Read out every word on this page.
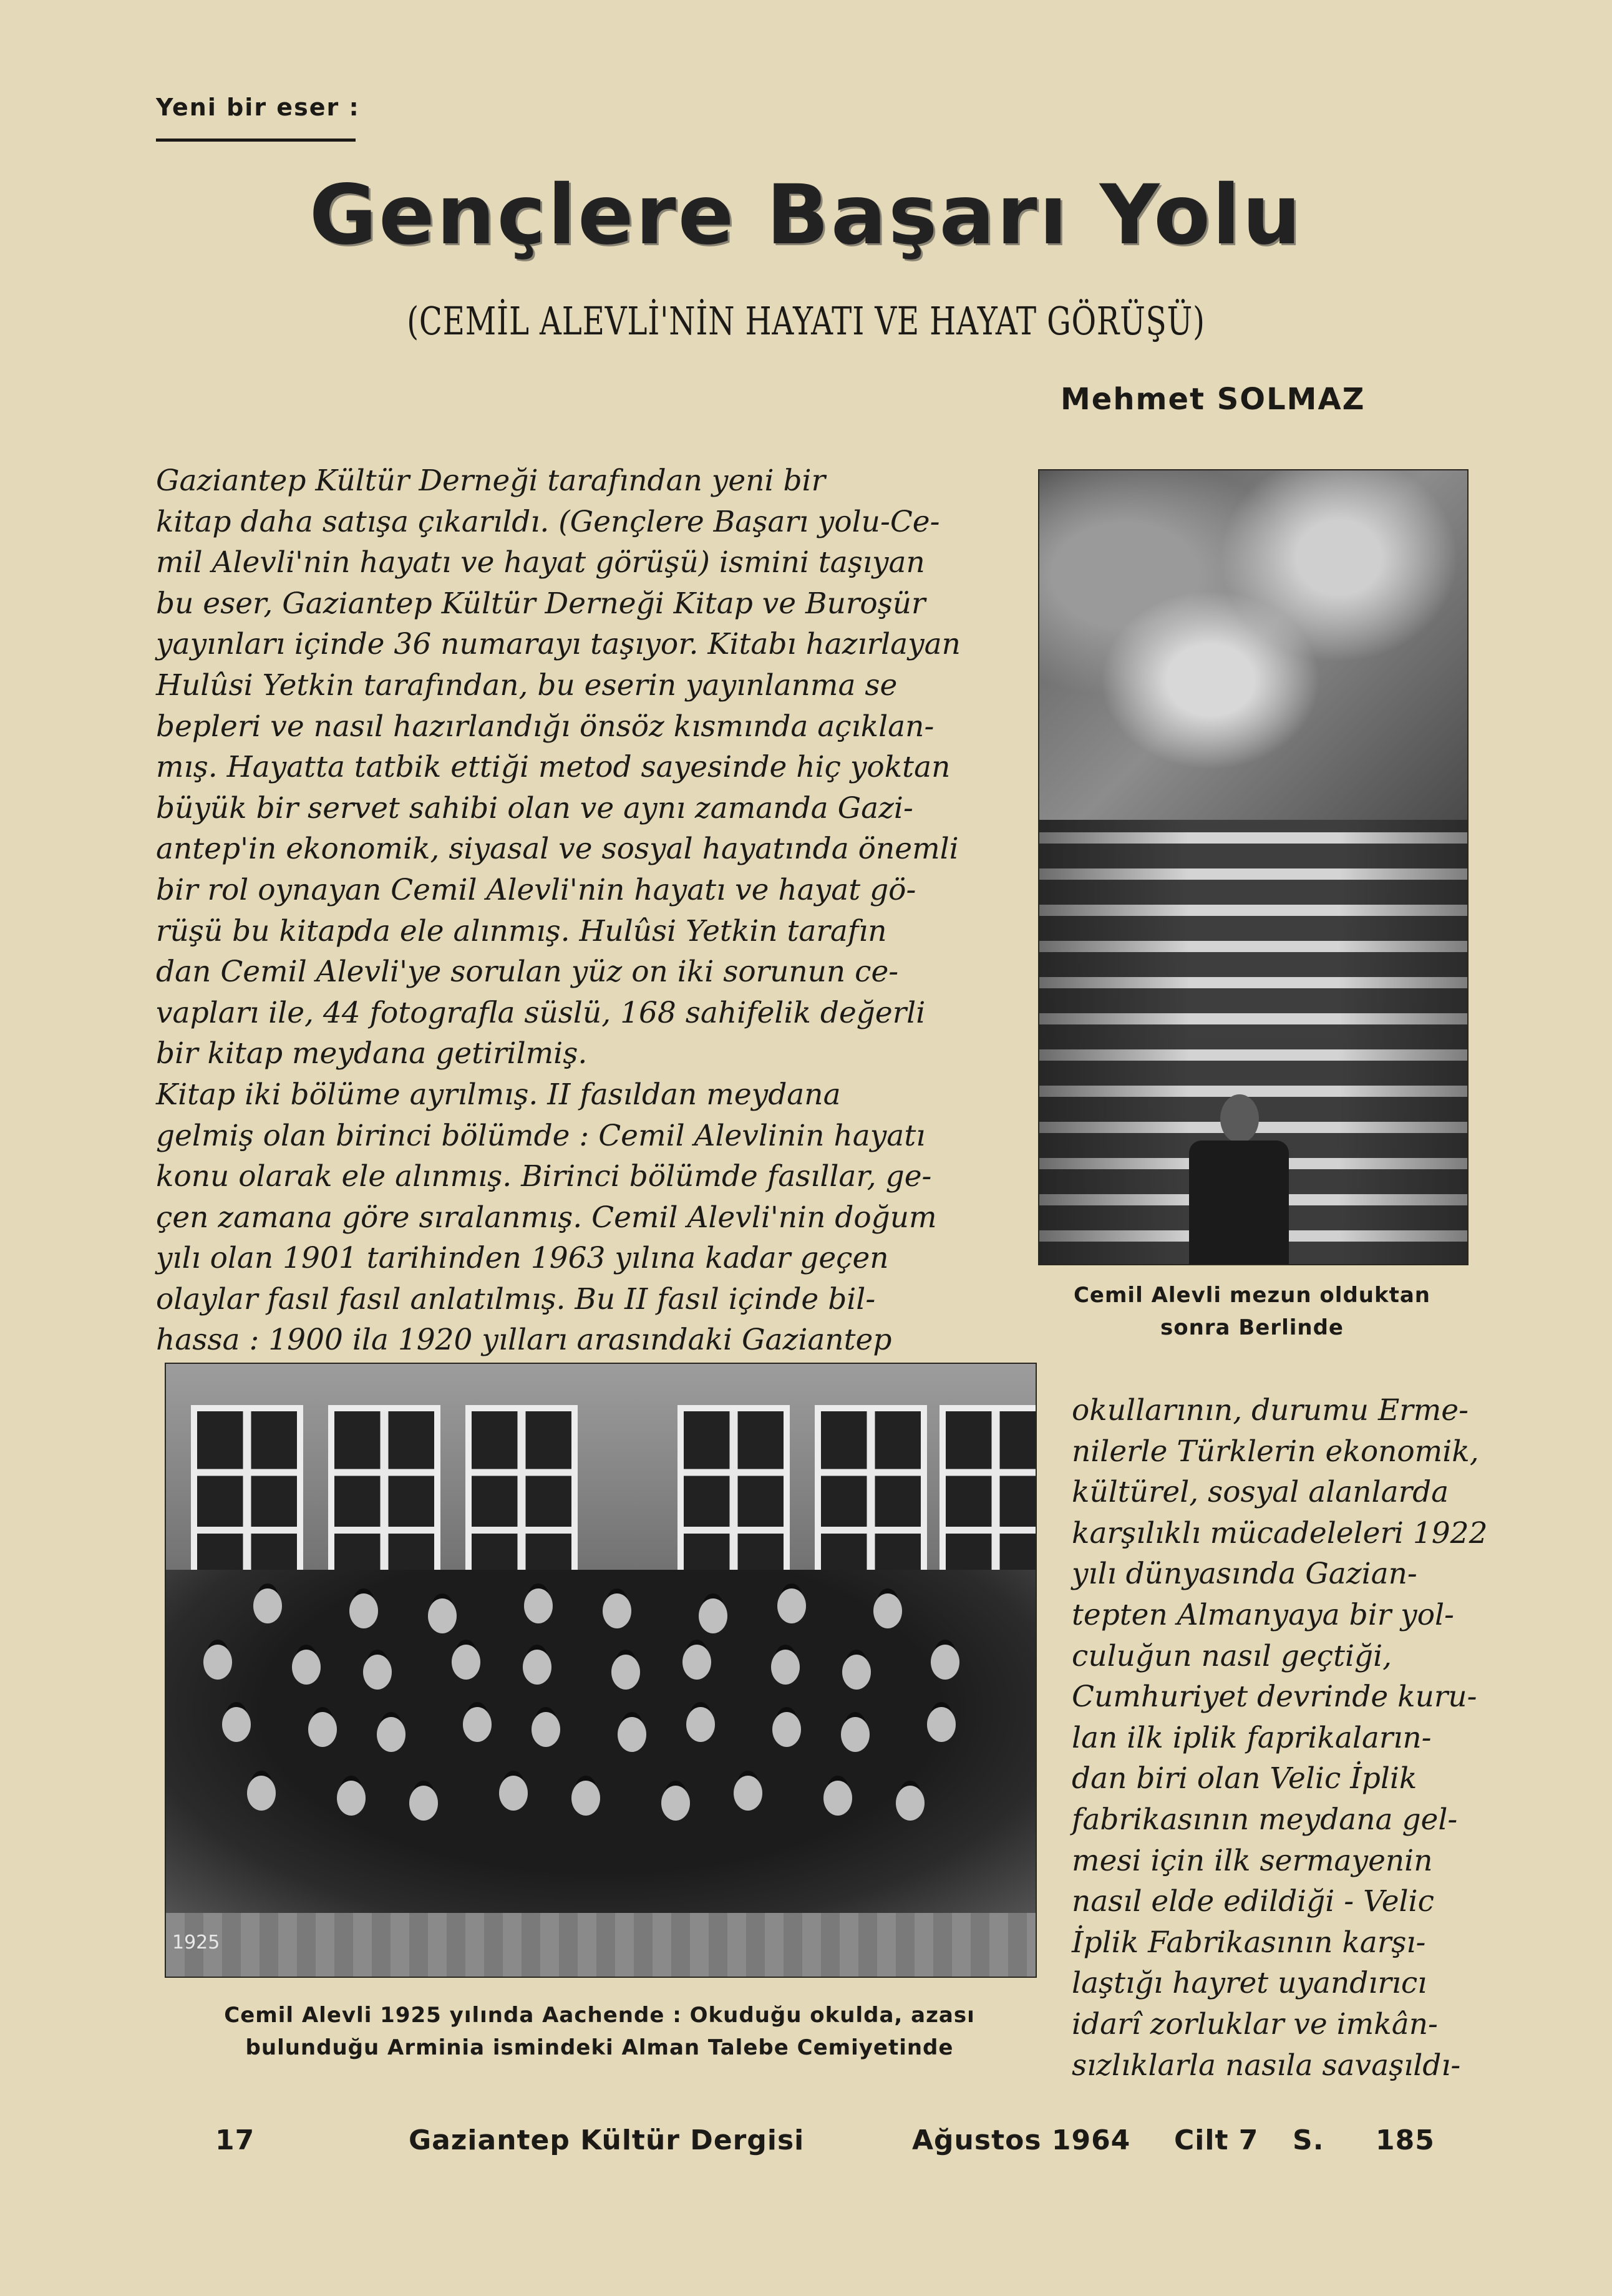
Yeni bir eser :
Gençlere Başarı Yolu
(CEMİL ALEVLİ'NİN HAYATI VE HAYAT GÖRÜŞÜ)
Mehmet SOLMAZ
Gaziantep Kültür Derneği tarafından yeni bir
kitap daha satışa çıkarıldı. (Gençlere Başarı yolu-Ce-
mil Alevli'nin hayatı ve hayat görüşü) ismini taşıyan
bu eser, Gaziantep Kültür Derneği Kitap ve Buroşür
yayınları içinde 36 numarayı taşıyor. Kitabı hazırlayan
Hulûsi Yetkin tarafından, bu eserin yayınlanma se
bepleri ve nasıl hazırlandığı önsöz kısmında açıklan-
mış. Hayatta tatbik ettiği metod sayesinde hiç yoktan
büyük bir servet sahibi olan ve aynı zamanda Gazi-
antep'in ekonomik, siyasal ve sosyal hayatında önemli
bir rol oynayan Cemil Alevli'nin hayatı ve hayat gö-
rüşü bu kitapda ele alınmış. Hulûsi Yetkin tarafın
dan Cemil Alevli'ye sorulan yüz on iki sorunun ce-
vapları ile, 44 fotografla süslü, 168 sahifelik değerli
bir kitap meydana getirilmiş.
Kitap iki bölüme ayrılmış. II fasıldan meydana
gelmiş olan birinci bölümde : Cemil Alevlinin hayatı
konu olarak ele alınmış. Birinci bölümde fasıllar, ge-
çen zamana göre sıralanmış. Cemil Alevli'nin doğum
yılı olan 1901 tarihinden 1963 yılına kadar geçen
olaylar fasıl fasıl anlatılmış. Bu II fasıl içinde bil-
hassa : 1900 ila 1920 yılları arasındaki Gaziantep
Cemil Alevli mezun olduktan
sonra Berlinde
1925
Cemil Alevli 1925 yılında Aachende : Okuduğu okulda, azası
bulunduğu Arminia ismindeki Alman Talebe Cemiyetinde
okullarının, durumu Erme-
nilerle Türklerin ekonomik,
kültürel, sosyal alanlarda
karşılıklı mücadeleleri 1922
yılı dünyasında Gazian-
tepten Almanyaya bir yol-
culuğun nasıl geçtiği,
Cumhuriyet devrinde kuru-
lan ilk iplik faprikaların-
dan biri olan Velic İplik
fabrikasının meydana gel-
mesi için ilk sermayenin
nasıl elde edildiği - Velic
İplik Fabrikasının karşı-
laştığı hayret uyandırıcı
idarî zorluklar ve imkân-
sızlıklarla nasıla savaşıldı-
17	Gaziantep Kültür Dergisi	Ağustos 1964 Cilt 7 S. 185
